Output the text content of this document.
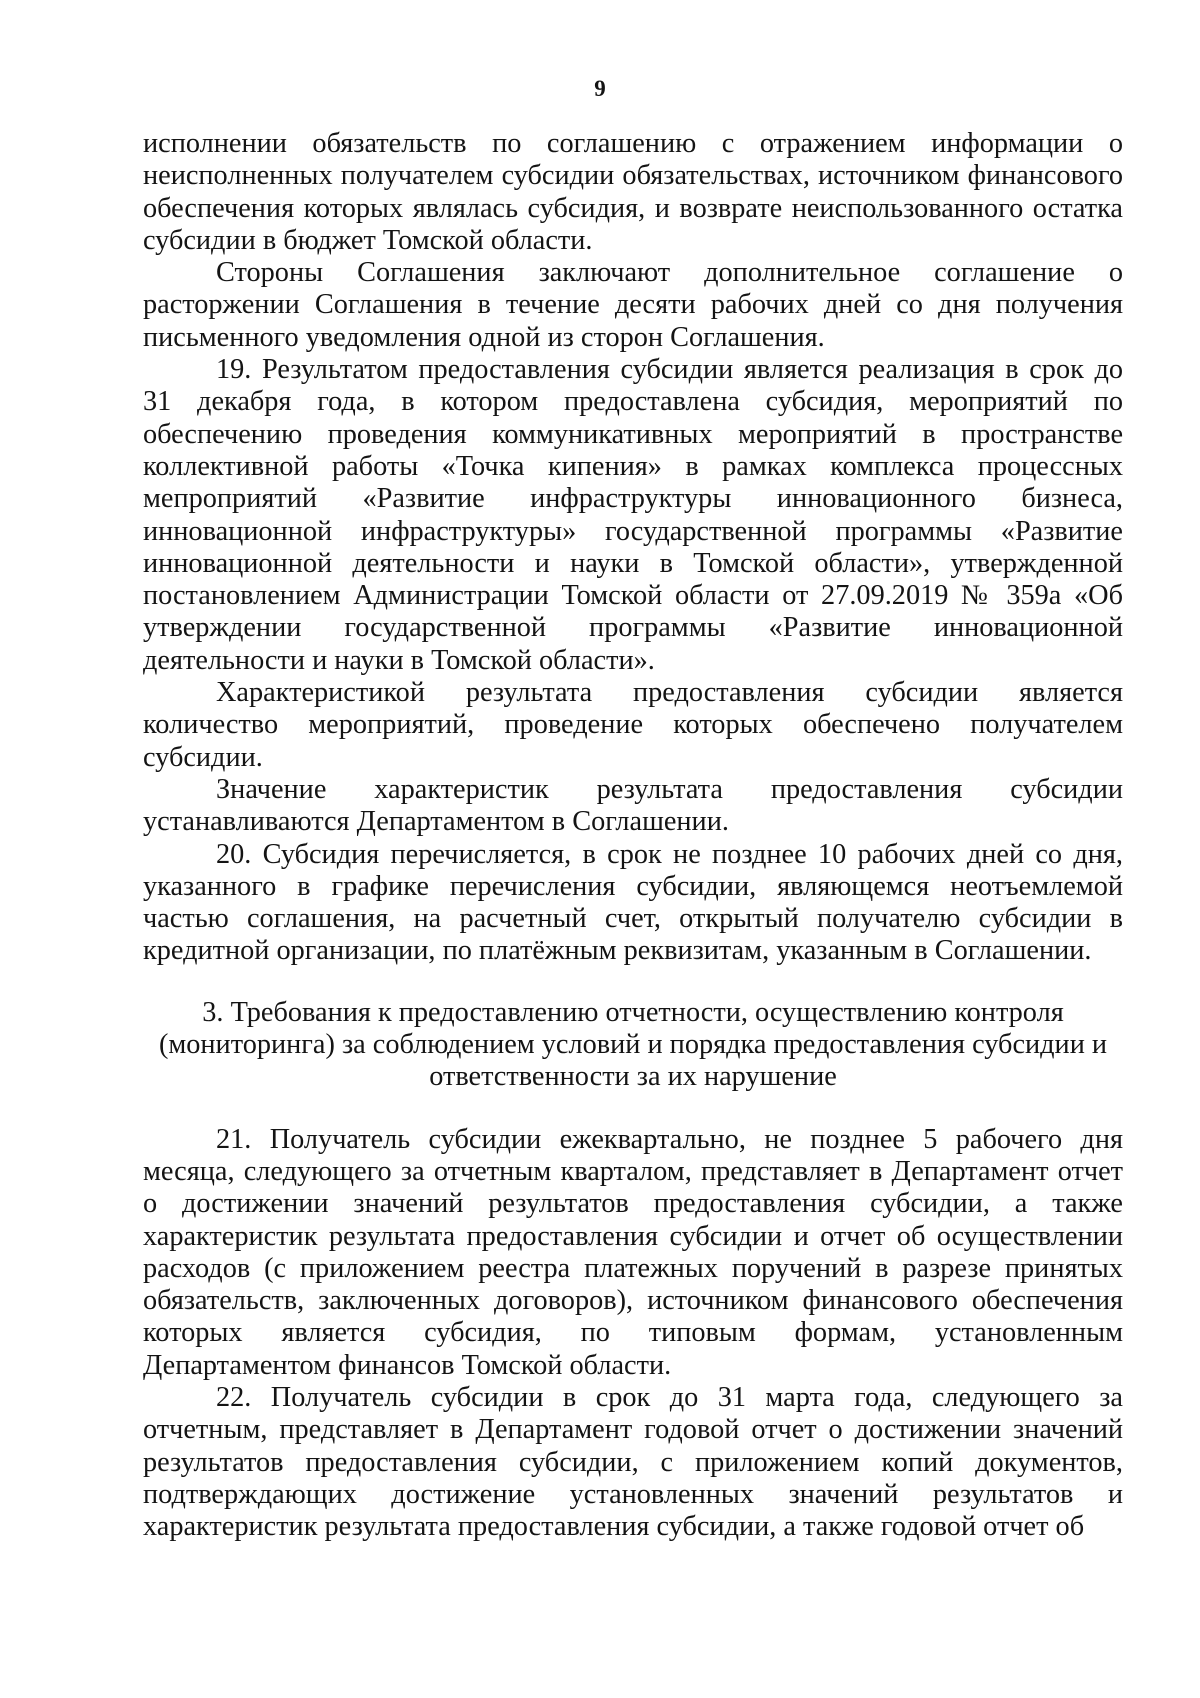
9

исполнении обязательств по соглашению с отражением информации о неисполненных получателем субсидии обязательствах, источником финансового обеспечения которых являлась субсидия, и возврате неиспользованного остатка субсидии в бюджет Томской области.

Стороны Соглашения заключают дополнительное соглашение о расторжении Соглашения в течение десяти рабочих дней со дня получения письменного уведомления одной из сторон Соглашения.

19. Результатом предоставления субсидии является реализация в срок до 31 декабря года, в котором предоставлена субсидия, мероприятий по обеспечению проведения коммуникативных мероприятий в пространстве коллективной работы «Точка кипения» в рамках комплекса процессных мепроприятий «Развитие инфраструктуры инновационного бизнеса, инновационной инфраструктуры» государственной программы «Развитие инновационной деятельности и науки в Томской области», утвержденной постановлением Администрации Томской области от 27.09.2019 № 359а «Об утверждении государственной программы «Развитие инновационной деятельности и науки в Томской области».

Характеристикой результата предоставления субсидии является количество мероприятий, проведение которых обеспечено получателем субсидии.

Значение характеристик результата предоставления субсидии устанавливаются Департаментом в Соглашении.

20. Субсидия перечисляется, в срок не позднее 10 рабочих дней со дня, указанного в графике перечисления субсидии, являющемся неотъемлемой частью соглашения, на расчетный счет, открытый получателю субсидии в кредитной организации, по платёжным реквизитам, указанным в Соглашении.

3. Требования к предоставлению отчетности, осуществлению контроля (мониторинга) за соблюдением условий и порядка предоставления субсидии и ответственности за их нарушение

21. Получатель субсидии ежеквартально, не позднее 5 рабочего дня месяца, следующего за отчетным кварталом, представляет в Департамент отчет о достижении значений результатов предоставления субсидии, а также характеристик результата предоставления субсидии и отчет об осуществлении расходов (с приложением реестра платежных поручений в разрезе принятых обязательств, заключенных договоров), источником финансового обеспечения которых является субсидия, по типовым формам, установленным Департаментом финансов Томской области.

22. Получатель субсидии в срок до 31 марта года, следующего за отчетным, представляет в Департамент годовой отчет о достижении значений результатов предоставления субсидии, с приложением копий документов, подтверждающих достижение установленных значений результатов и характеристик результата предоставления субсидии, а также годовой отчет об
